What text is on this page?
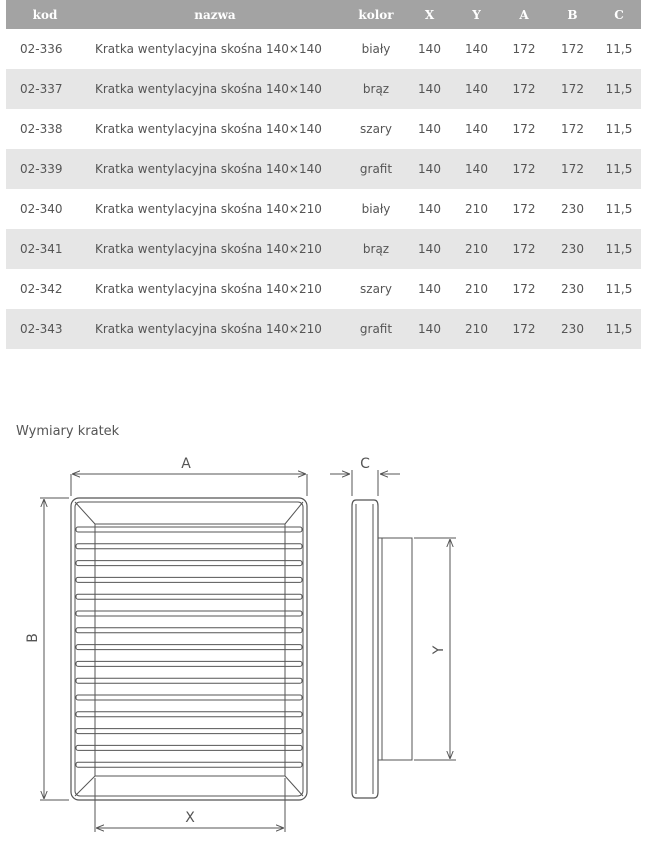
kod	nazwa	kolor	X	Y	A	B	C
02-336	Kratka wentylacyjna skośna 140×140	biały	140	140	172	172	11,5
02-337	Kratka wentylacyjna skośna 140×140	brąz	140	140	172	172	11,5
02-338	Kratka wentylacyjna skośna 140×140	szary	140	140	172	172	11,5
02-339	Kratka wentylacyjna skośna 140×140	grafit	140	140	172	172	11,5
02-340	Kratka wentylacyjna skośna 140×210	biały	140	210	172	230	11,5
02-341	Kratka wentylacyjna skośna 140×210	brąz	140	210	172	230	11,5
02-342	Kratka wentylacyjna skośna 140×210	szary	140	210	172	230	11,5
02-343	Kratka wentylacyjna skośna 140×210	grafit	140	210	172	230	11,5
Wymiary kratek
A
B
C
X
Y
